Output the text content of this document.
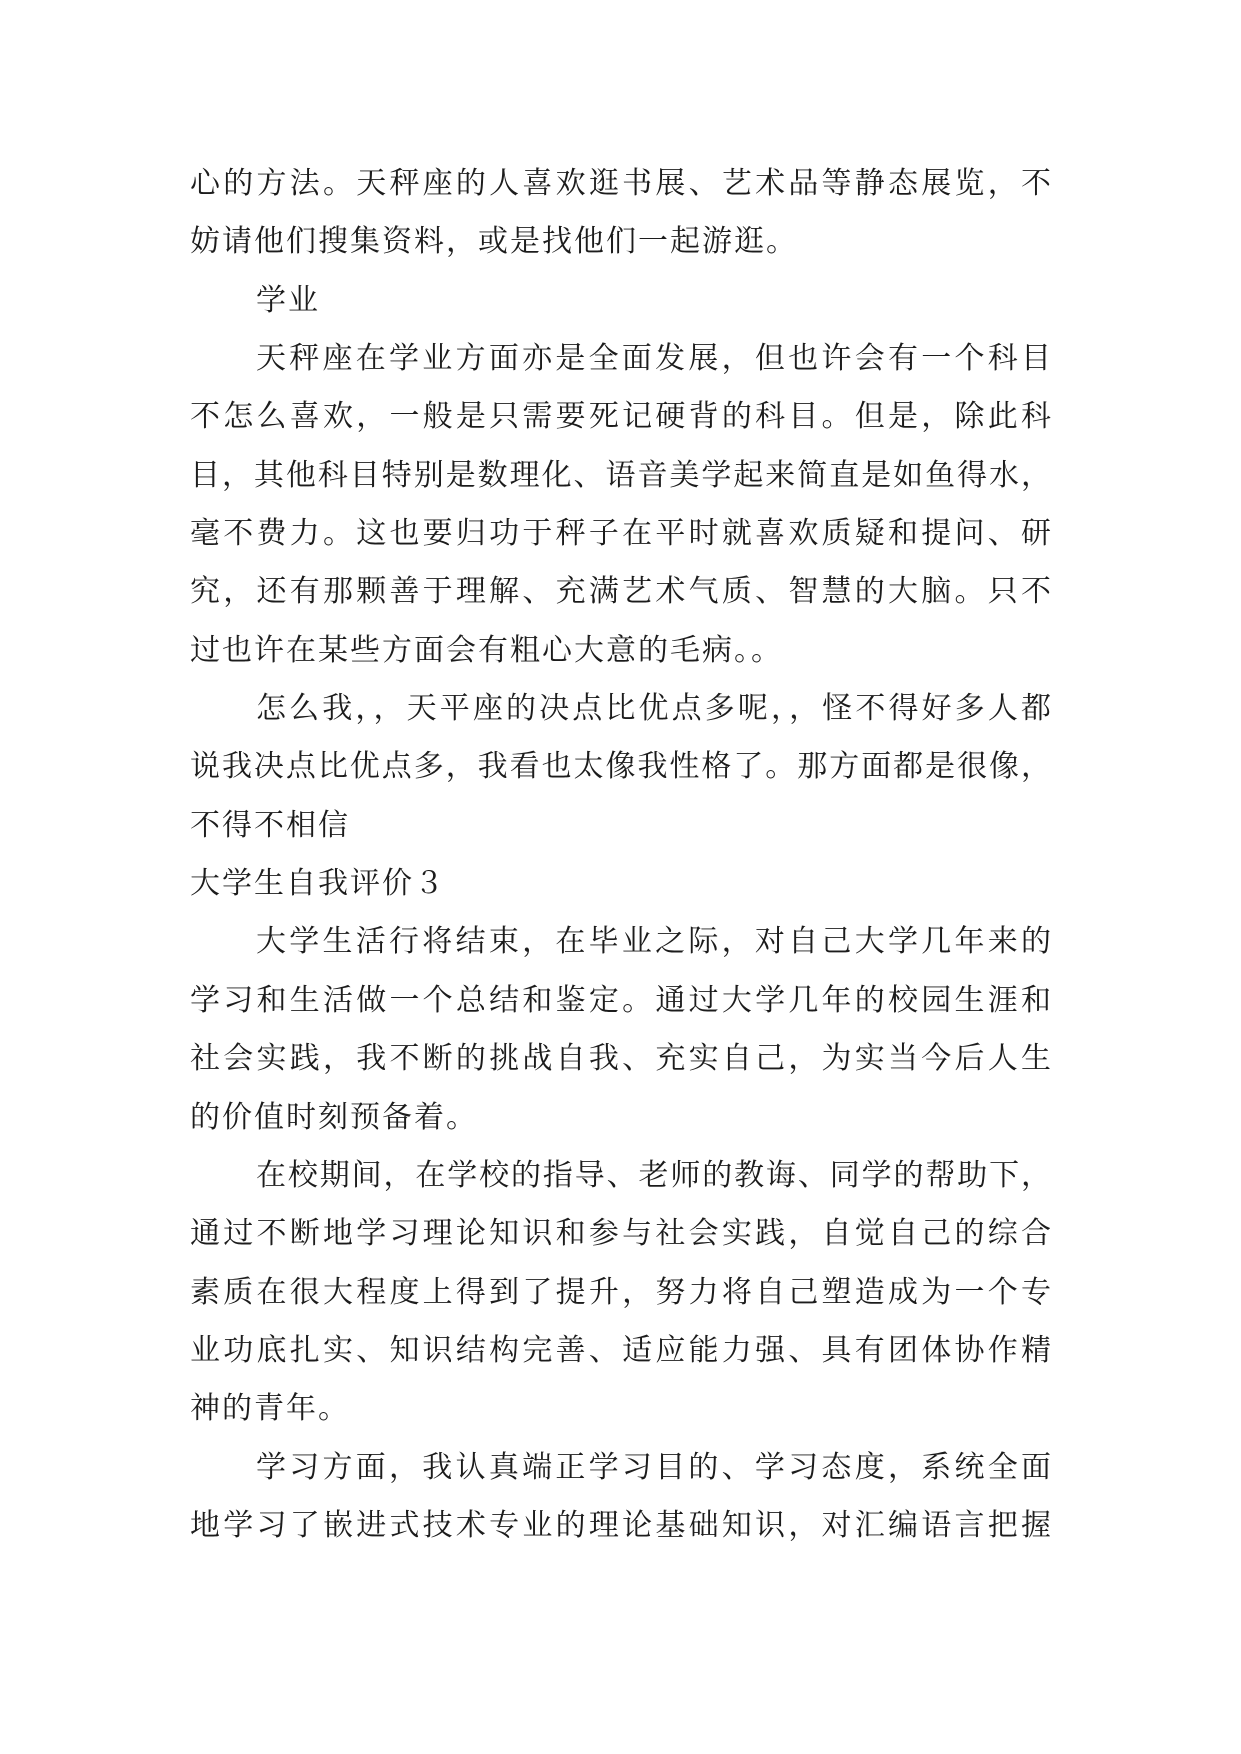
心的方法。天秤座的人喜欢逛书展、艺术品等静态展览，不
妨请他们搜集资料，或是找他们一起游逛。
学业
天秤座在学业方面亦是全面发展，但也许会有一个科目
不怎么喜欢，一般是只需要死记硬背的科目。但是，除此科
目，其他科目特别是数理化、语音美学起来简直是如鱼得水，
毫不费力。这也要归功于秤子在平时就喜欢质疑和提问、研
究，还有那颗善于理解、充满艺术气质、智慧的大脑。只不
过也许在某些方面会有粗心大意的毛病。。
怎么我，，天平座的决点比优点多呢，，怪不得好多人都
说我决点比优点多，我看也太像我性格了。那方面都是很像，
不得不相信
大学生自我评价３
大学生活行将结束，在毕业之际，对自己大学几年来的
学习和生活做一个总结和鉴定。通过大学几年的校园生涯和
社会实践，我不断的挑战自我、充实自己，为实当今后人生
的价值时刻预备着。
在校期间，在学校的指导、老师的教诲、同学的帮助下，
通过不断地学习理论知识和参与社会实践，自觉自己的综合
素质在很大程度上得到了提升，努力将自己塑造成为一个专
业功底扎实、知识结构完善、适应能力强、具有团体协作精
神的青年。
学习方面，我认真端正学习目的、学习态度，系统全面
地学习了嵌进式技术专业的理论基础知识，对汇编语言把握
